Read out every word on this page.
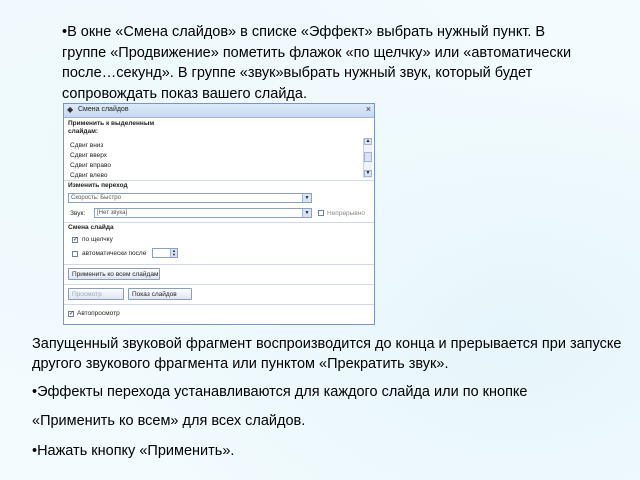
•В окне «Смена слайдов» в списке «Эффект» выбрать нужный пункт. В группе «Продвижение» пометить флажок «по щелчку» или «автоматически после…секунд». В группе «звук»выбрать нужный звук, который будет сопровождать показ вашего слайда.
◆ Смена слайдов	×
Применить к выделенным слайдам:
Сдвиг вниз
Сдвиг вверх
Сдвиг вправо
Сдвиг влево
▲
▼
Изменить переход
Скорость: Быстро	▼
Звук: [Нет звука]	▼	Непрерывно
Смена слайда
✓ по щелчку
автоматически после	▲
▼
Применить ко всем слайдам
Просмотр	Показ слайдов
✓ Автопросмотр
Запущенный звуковой фрагмент воспроизводится до конца и прерывается при запуске другого звукового фрагмента или пунктом «Прекратить звук».
•Эффекты перехода устанавливаются для каждого слайда или по кнопке
«Применить ко всем» для всех слайдов.
•Нажать кнопку «Применить».
